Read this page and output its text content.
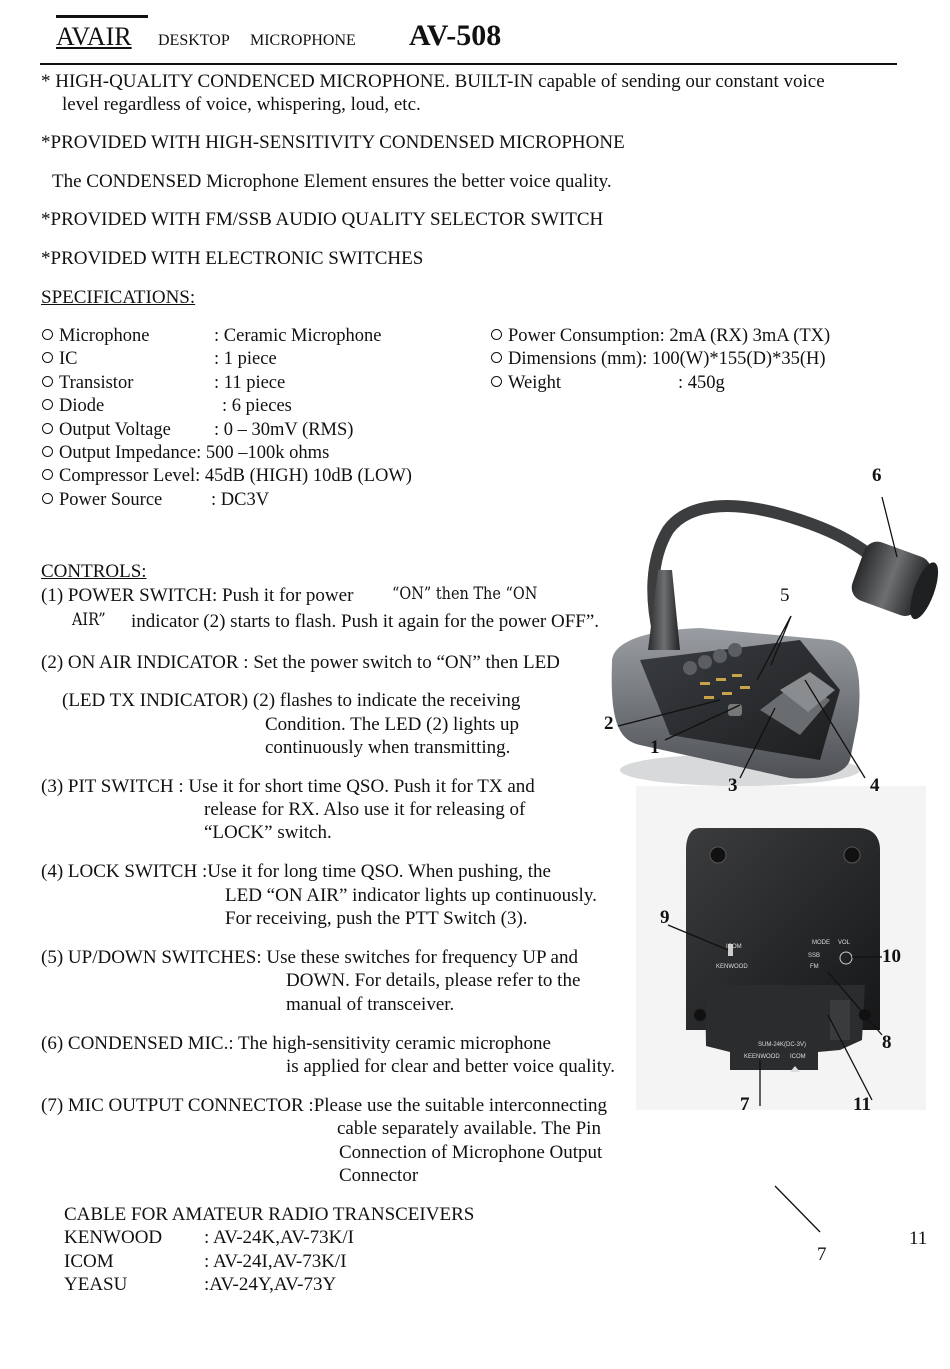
AVAIR DESKTOP MICROPHONE AV-508
* HIGH-QUALITY CONDENCED MICROPHONE. BUILT-IN capable of sending our constant voice
level regardless of voice, whispering, loud, etc.
*PROVIDED WITH HIGH-SENSITIVITY CONDENSED MICROPHONE
The CONDENSED Microphone Element ensures the better voice quality.
*PROVIDED WITH FM/SSB AUDIO QUALITY SELECTOR SWITCH
*PROVIDED WITH ELECTRONIC SWITCHES
SPECIFICATIONS:
Microphone	: Ceramic Microphone
IC	: 1 piece
Transistor	: 11 piece
Diode	: 6 pieces
Output Voltage : 0 – 30mV (RMS)
Output Impedance: 500 –100k ohms
Compressor Level: 45dB (HIGH) 10dB (LOW)
Power Source	: DC3V
Power Consumption: 2mA (RX) 3mA (TX)
Dimensions (mm): 100(W)*155(D)*35(H)
Weight	: 450g
CONTROLS:
(1) POWER SWITCH: Push it for power “ON” then The “ON
AIR” indicator (2) starts to flash. Push it again for the power OFF”.
(2) ON AIR INDICATOR : Set the power switch to “ON” then LED
(LED TX INDICATOR) (2) flashes to indicate the receiving
Condition. The LED (2) lights up
continuously when transmitting.
(3) PIT SWITCH : Use it for short time QSO. Push it for TX and
release for RX. Also use it for releasing of
“LOCK” switch.
(4) LOCK SWITCH :Use it for long time QSO. When pushing, the
LED “ON AIR” indicator lights up continuously.
For receiving, push the PTT Switch (3).
(5) UP/DOWN SWITCHES: Use these switches for frequency UP and
DOWN. For details, please refer to the
manual of transceiver.
(6) CONDENSED MIC.: The high-sensitivity ceramic microphone
is applied for clear and better voice quality.
(7) MIC OUTPUT CONNECTOR :Please use the suitable interconnecting
cable separately available. The Pin
Connection of Microphone Output
Connector
CABLE FOR AMATEUR RADIO TRANSCEIVERS
KENWOOD : AV-24K,AV-73K/I
ICOM	: AV-24I,AV-73K/I
YEASU	:AV-24Y,AV-73Y
MODE VOL
SSB
FM
ICOM
KENWOOD
SUM-24K(DC-3V)
KEENWOOD ICOM
6
5
2
1
3	4
9
10
8
7	11
7
11
